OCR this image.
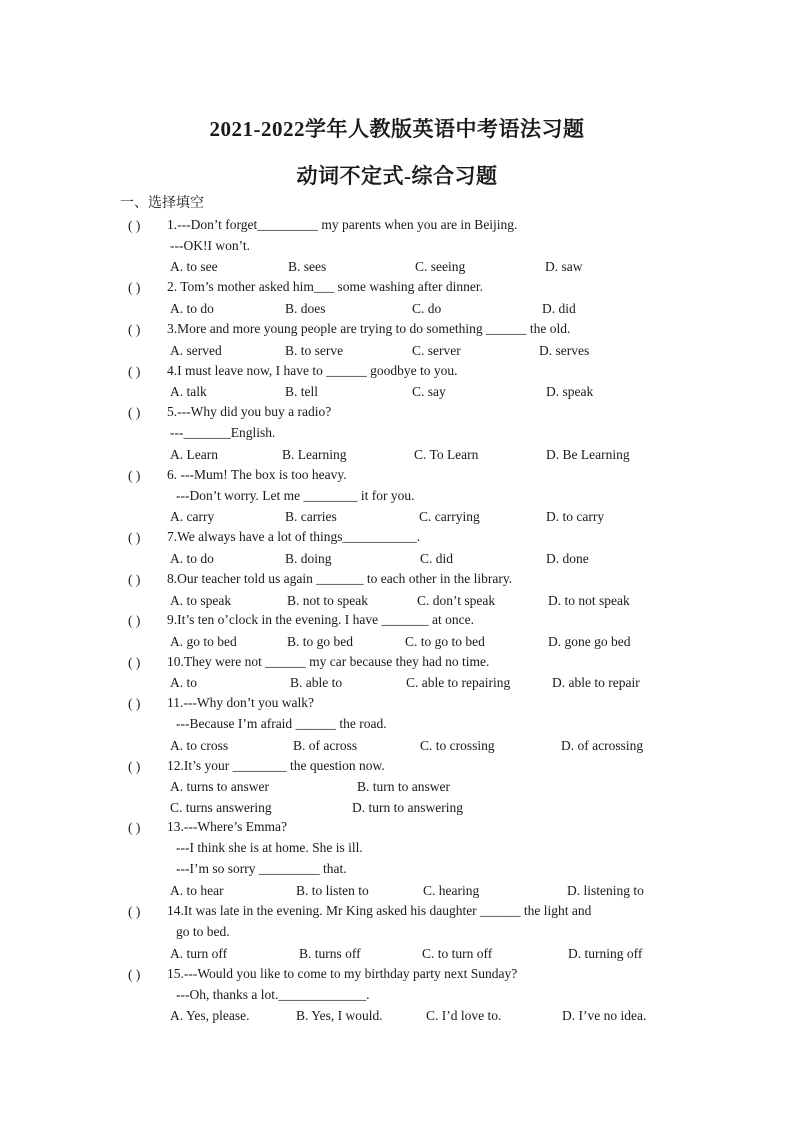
2021-2022学年人教版英语中考语法习题
动词不定式-综合习题
一、选择填空
( ) 1.---Don’t forget_________ my parents when you are in Beijing.
---OK!I won’t.
A. to see	B. sees	C. seeing	D. saw
( ) 2. Tom’s mother asked him___ some washing after dinner.
A. to do	B. does	C. do	D. did
( ) 3.More and more young people are trying to do something ______ the old.
A. served	B. to serve	C. server	D. serves
( ) 4.I must leave now, I have to ______ goodbye to you.
A. talk	B. tell	C. say	D. speak
( ) 5.---Why did you buy a radio?
---_______English.
A. Learn	B. Learning	C. To Learn	D. Be Learning
( ) 6. ---Mum! The box is too heavy.
---Don’t worry. Let me ________ it for you.
A. carry	B. carries	C. carrying	D. to carry
( ) 7.We always have a lot of things___________.
A. to do	B. doing	C. did	D. done
( ) 8.Our teacher told us again _______ to each other in the library.
A. to speak	B. not to speak	C. don’t speak	D. to not speak
( ) 9.It’s ten o’clock in the evening. I have _______ at once.
A. go to bed	B. to go bed	C. to go to bed	D. gone go bed
( ) 10.They were not ______ my car because they had no time.
A. to	B. able to	C. able to repairing	D. able to repair
( ) 11.---Why don’t you walk?
---Because I’m afraid ______ the road.
A. to cross	B. of across	C. to crossing	D. of acrossing
( ) 12.It’s your ________ the question now.
A. turns to answer	B. turn to answer
C. turns answering	D. turn to answering
( ) 13.---Where’s Emma?
---I think she is at home. She is ill.
---I’m so sorry _________ that.
A. to hear	B. to listen to	C. hearing	D. listening to
( ) 14.It was late in the evening. Mr King asked his daughter ______ the light and
go to bed.
A. turn off	B. turns off	C. to turn off	D. turning off
( ) 15.---Would you like to come to my birthday party next Sunday?
---Oh, thanks a lot._____________.
A. Yes, please.	B. Yes, I would.	C. I’d love to.	D. I’ve no idea.
